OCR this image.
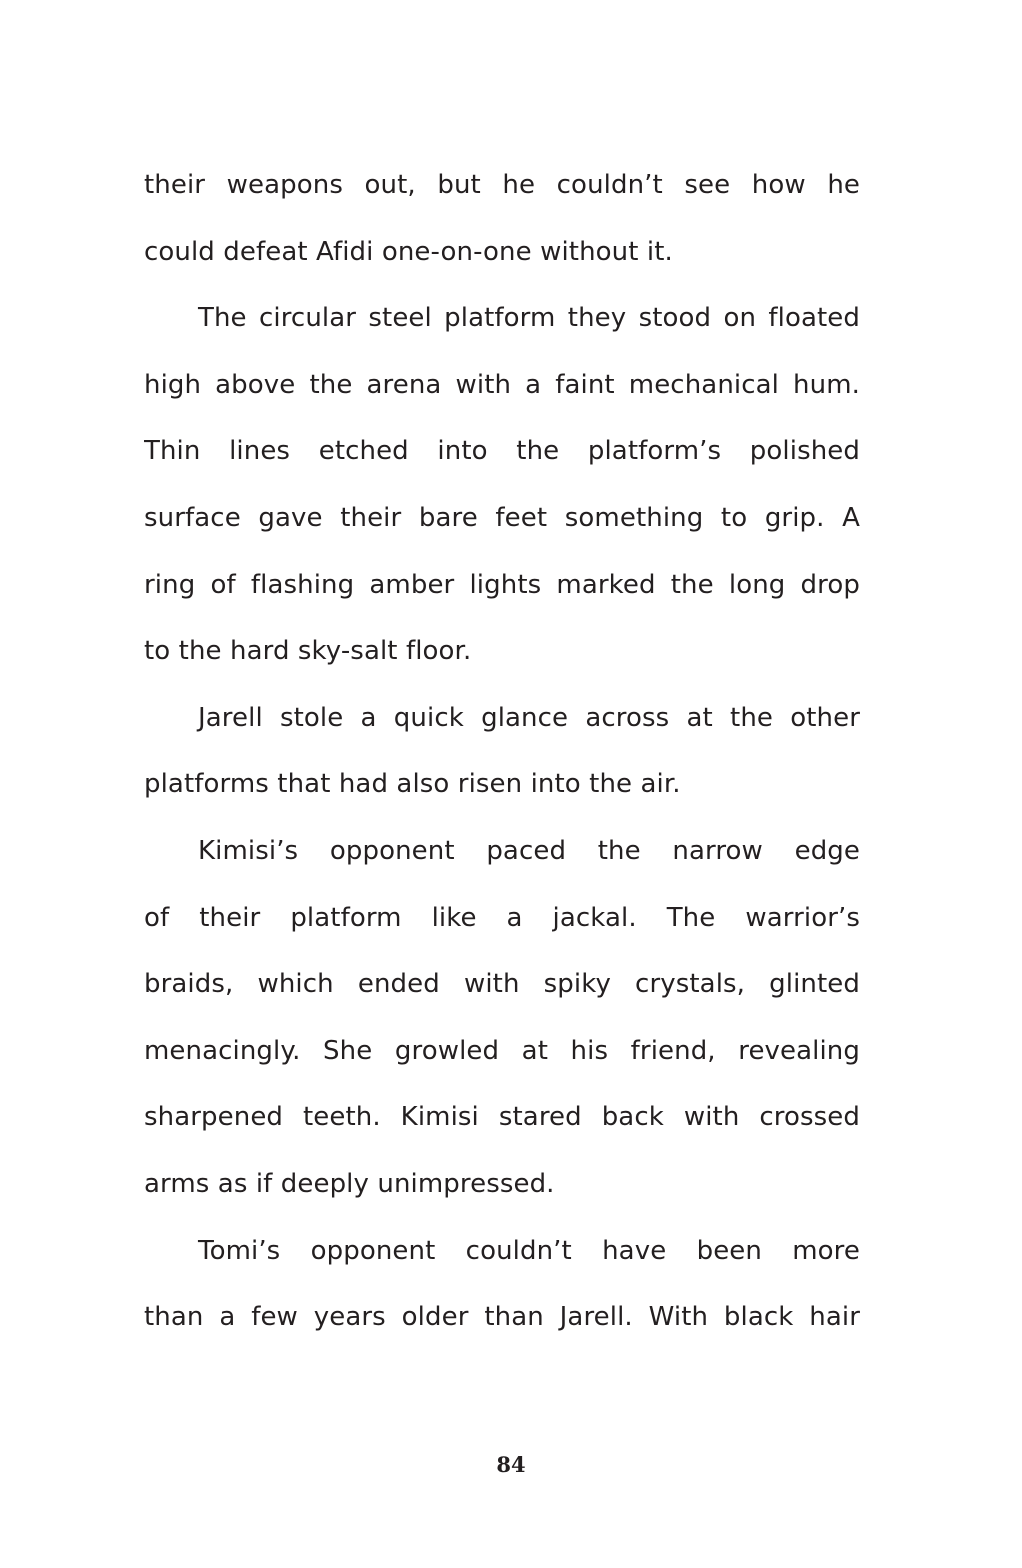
their weapons out, but he couldn’t see how he
could defeat Afidi one-on-one without it.
The circular steel platform they stood on floated
high above the arena with a faint mechanical hum.
Thin lines etched into the platform’s polished
surface gave their bare feet something to grip. A
ring of flashing amber lights marked the long drop
to the hard sky-salt floor.
Jarell stole a quick glance across at the other
platforms that had also risen into the air.
Kimisi’s opponent paced the narrow edge
of their platform like a jackal. The warrior’s
braids, which ended with spiky crystals, glinted
menacingly. She growled at his friend, revealing
sharpened teeth. Kimisi stared back with crossed
arms as if deeply unimpressed.
Tomi’s opponent couldn’t have been more
than a few years older than Jarell. With black hair
84
